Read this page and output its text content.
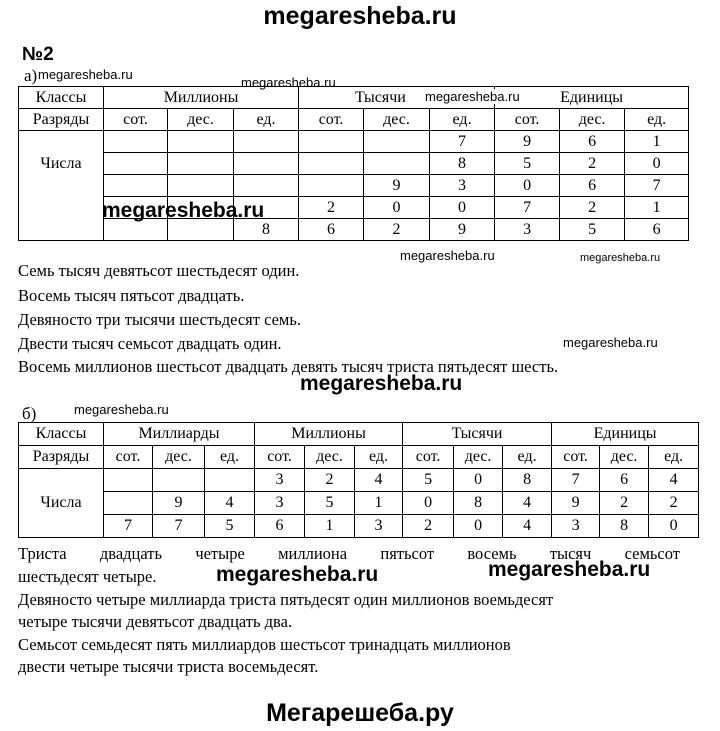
megaresheba.ru
№2
а) megaresheba.ru
megaresheba.ru
Классы	Миллионы			Тысячи			Единицы		
Разряды	сот.	дес.	ед.	сот.	дес.	ед.	сот.	дес.	ед.
Числа						7	9	6	1
						8	5	2	0
					9	3	0	6	7
				2	0	0	7	2	1
			8	6	2	9	3	5	6
megaresheba.ru
megaresheba.ru
megaresheba.ru	megaresheba.ru
Семь тысяч девятьсот шестьдесят один.
Восемь тысяч пятьсот двадцать.
Девяносто три тысячи шестьдесят семь.
Двести тысяч семьсот двадцать один.	megaresheba.ru
Восемь миллионов шестьсот двадцать девять тысяч триста пятьдесят шесть.
megaresheba.ru
б)	megaresheba.ru
Классы	Миллиарды			Миллионы			Тысячи			Единицы		
Разряды	сот.	дес.	ед.	сот.	дес.	ед.	сот.	дес.	ед.	сот.	дес.	ед.
Числа				3	2	4	5	0	8	7	6	4
		9	4	3	5	1	0	8	4	9	2	2
	7	7	5	6	1	3	2	0	4	3	8	0
Триста двадцать четыре миллиона пятьсот восемь тысяч семьсот
шестьдесят четыре.	megaresheba.ru	megaresheba.ru
Девяносто четыре миллиарда триста пятьдесят один миллионов воемьдесят
четыре тысячи девятьсот двадцать два.
Семьсот семьдесят пять миллиардов шестьсот тринадцать миллионов
двести четыре тысячи триста восемьдесят.
Мегарешеба.ру
